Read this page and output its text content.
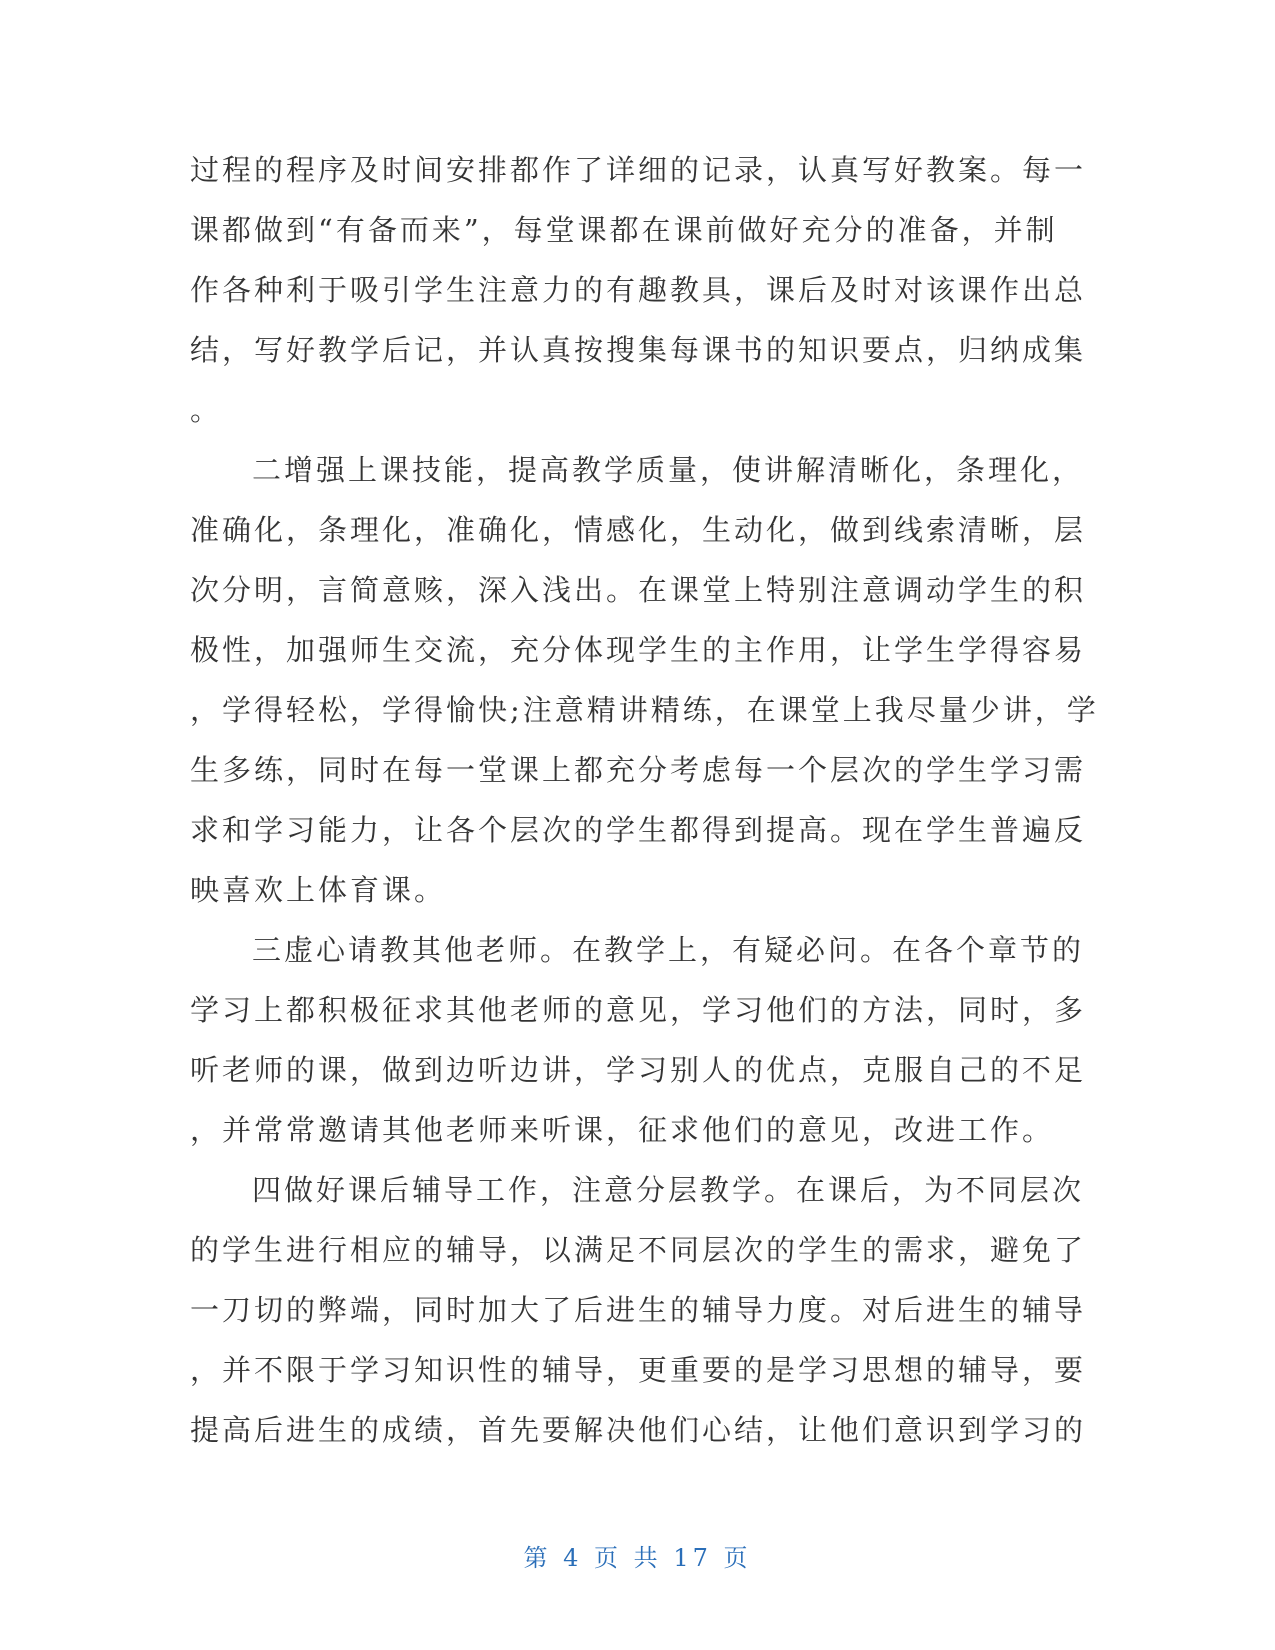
过程的程序及时间安排都作了详细的记录，认真写好教案。每一
课都做到“有备而来”，每堂课都在课前做好充分的准备，并制
作各种利于吸引学生注意力的有趣教具，课后及时对该课作出总
结，写好教学后记，并认真按搜集每课书的知识要点，归纳成集
。
二增强上课技能，提高教学质量，使讲解清晰化，条理化，
准确化，条理化，准确化，情感化，生动化，做到线索清晰，层
次分明，言简意赅，深入浅出。在课堂上特别注意调动学生的积
极性，加强师生交流，充分体现学生的主作用，让学生学得容易
，学得轻松，学得愉快;注意精讲精练，在课堂上我尽量少讲，学
生多练，同时在每一堂课上都充分考虑每一个层次的学生学习需
求和学习能力，让各个层次的学生都得到提高。现在学生普遍反
映喜欢上体育课。
三虚心请教其他老师。在教学上，有疑必问。在各个章节的
学习上都积极征求其他老师的意见，学习他们的方法，同时，多
听老师的课，做到边听边讲，学习别人的优点，克服自己的不足
，并常常邀请其他老师来听课，征求他们的意见，改进工作。
四做好课后辅导工作，注意分层教学。在课后，为不同层次
的学生进行相应的辅导，以满足不同层次的学生的需求，避免了
一刀切的弊端，同时加大了后进生的辅导力度。对后进生的辅导
，并不限于学习知识性的辅导，更重要的是学习思想的辅导，要
提高后进生的成绩，首先要解决他们心结，让他们意识到学习的
第 4 页 共 17 页
